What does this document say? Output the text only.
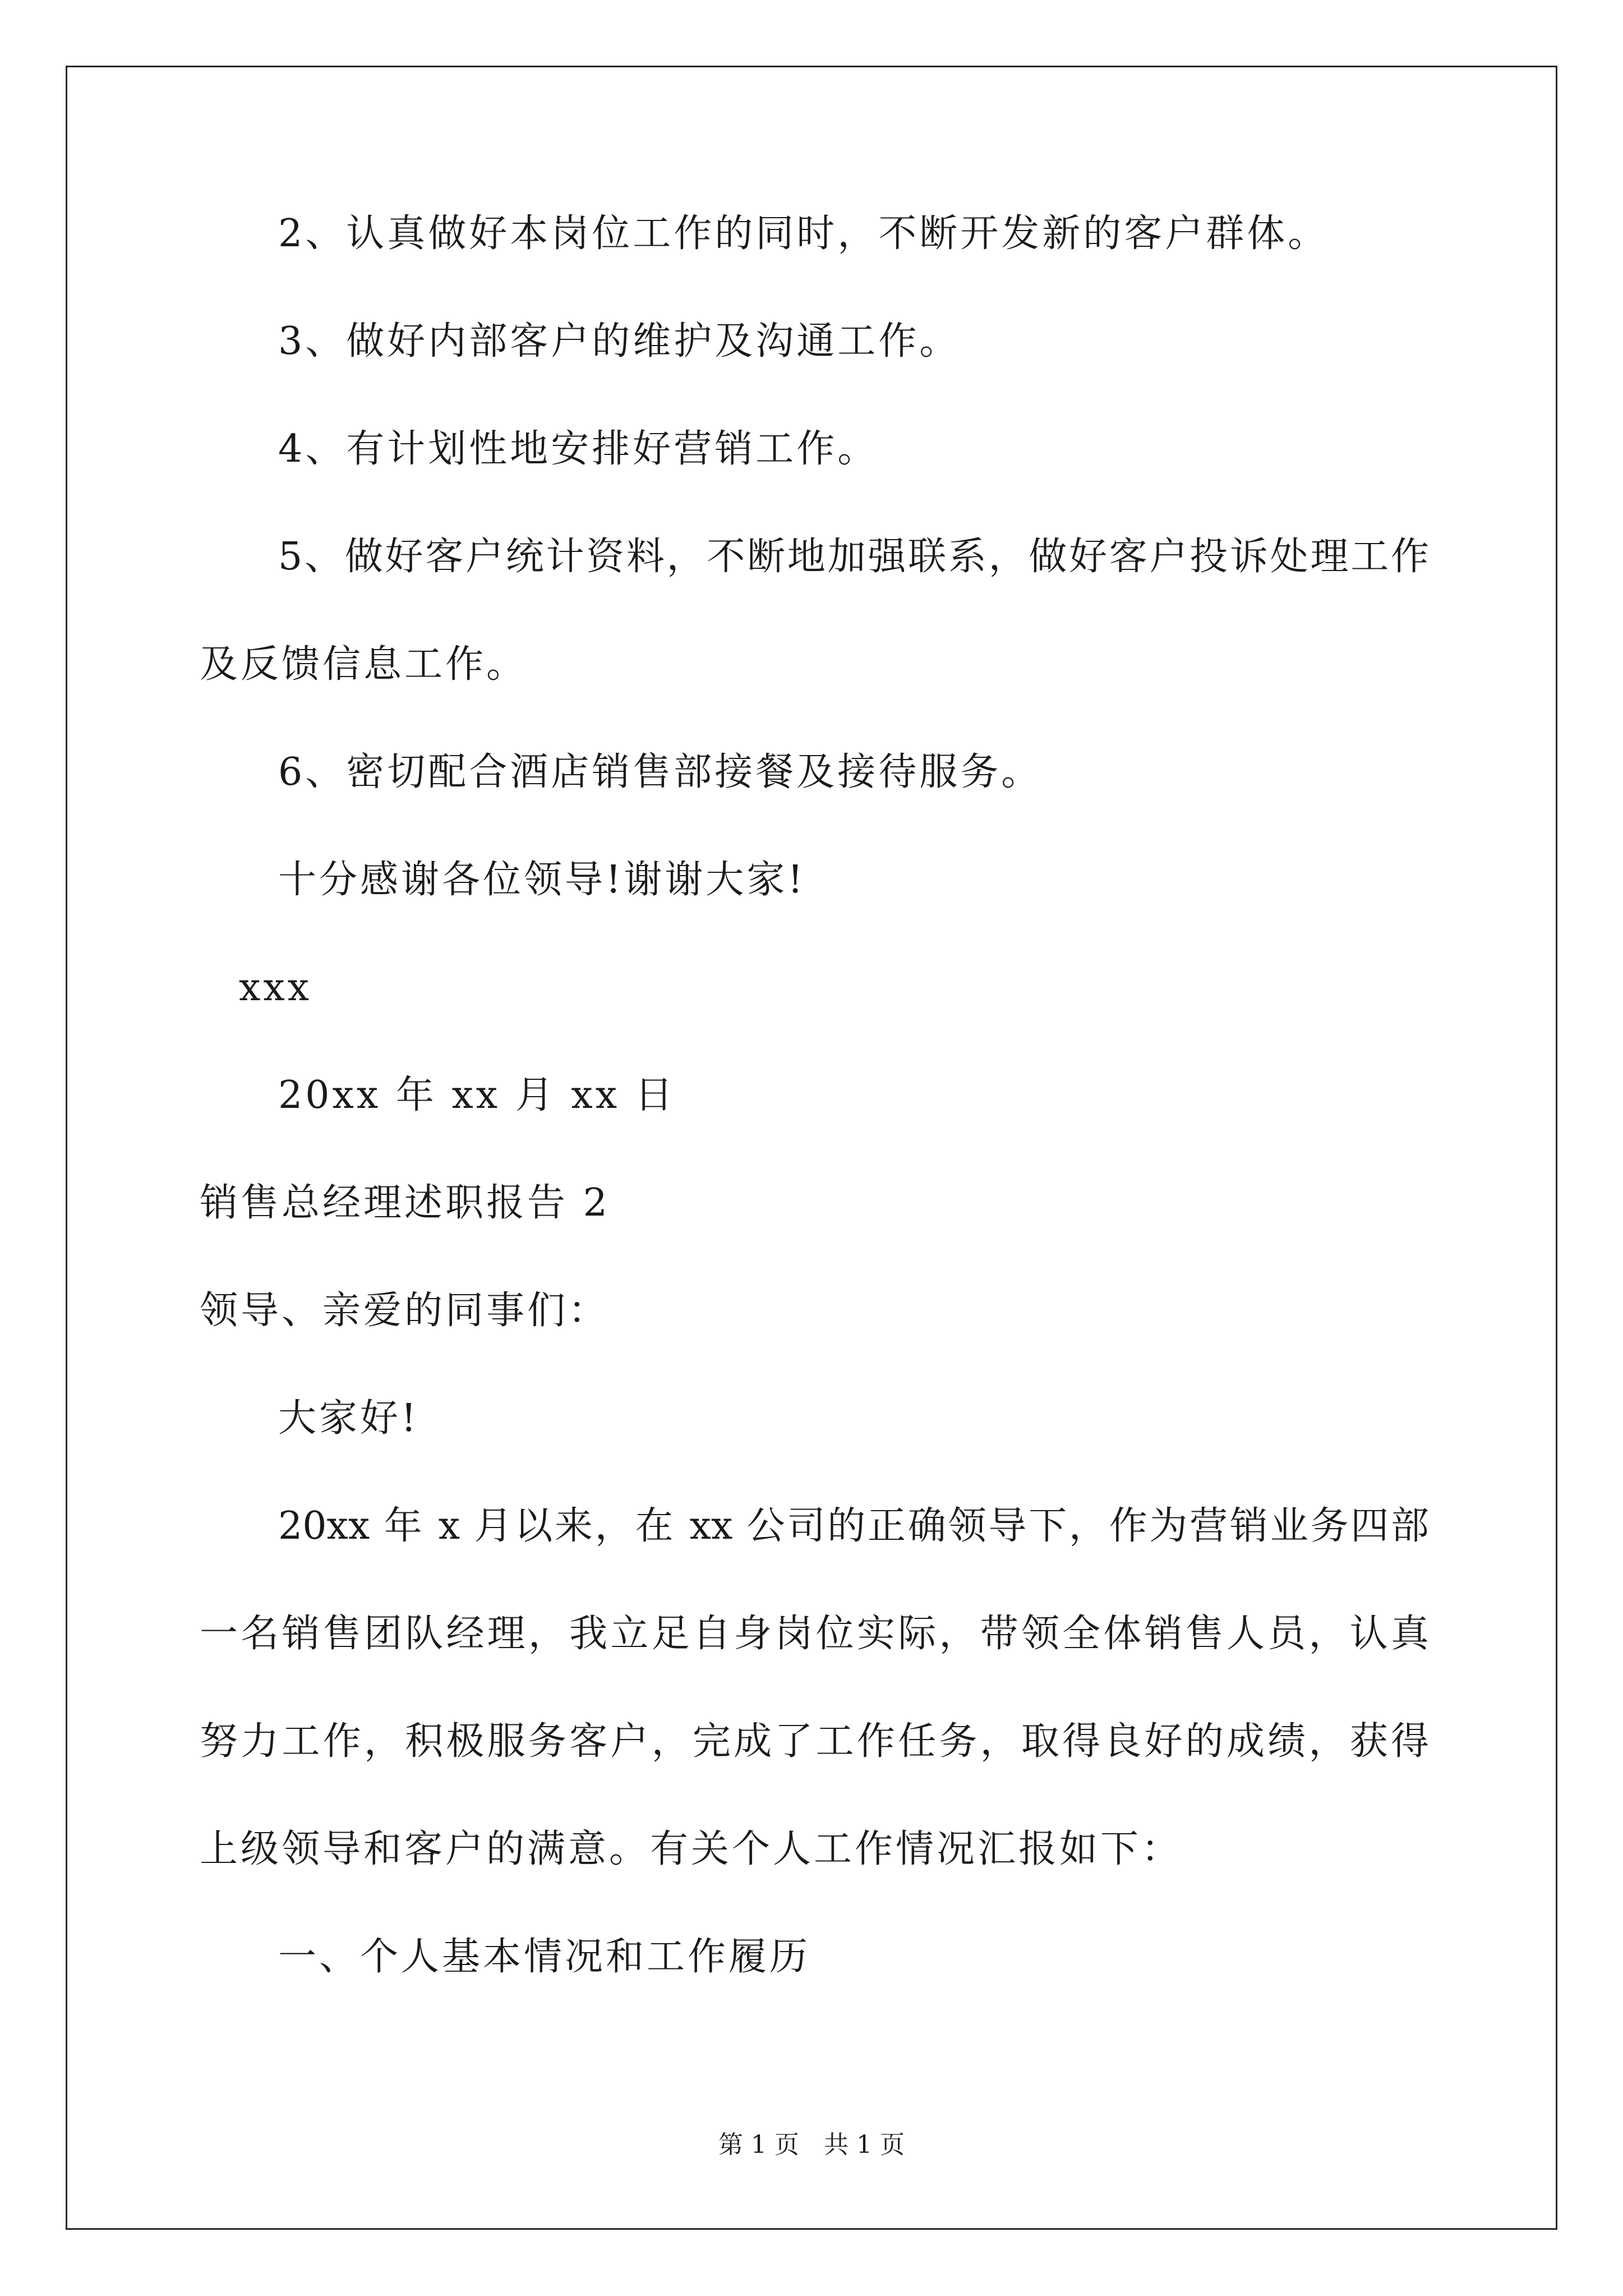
2、认真做好本岗位工作的同时，不断开发新的客户群体。
3、做好内部客户的维护及沟通工作。
4、有计划性地安排好营销工作。
5、做好客户统计资料，不断地加强联系，做好客户投诉处理工作
及反馈信息工作。
6、密切配合酒店销售部接餐及接待服务。
十分感谢各位领导!谢谢大家!
xxx
20xx 年 xx 月 xx 日
销售总经理述职报告 2
领导、亲爱的同事们：
大家好!
20xx 年 x 月以来，在 xx 公司的正确领导下，作为营销业务四部
一名销售团队经理，我立足自身岗位实际，带领全体销售人员，认真
努力工作，积极服务客户，完成了工作任务，取得良好的成绩，获得
上级领导和客户的满意。有关个人工作情况汇报如下：
一、个人基本情况和工作履历
第 1 页　共 1 页
